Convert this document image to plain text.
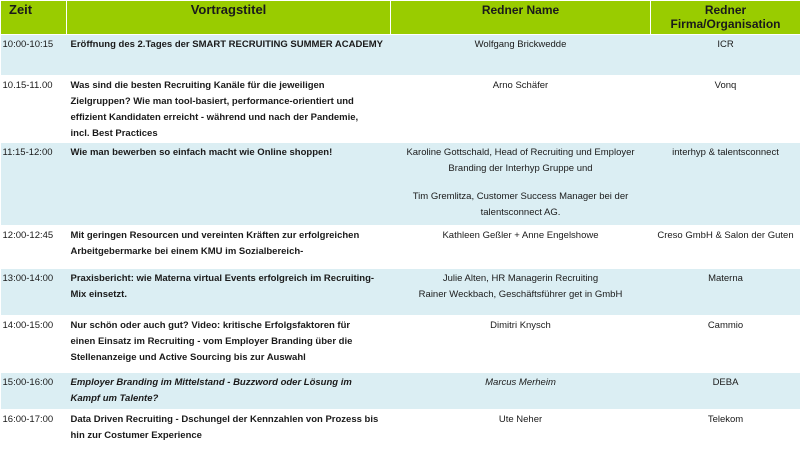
Zeit	Vortragstitel	Redner Name	Redner
Firma/Organisation

10:00-10:15	Eröffnung des 2.Tages der SMART RECRUITING SUMMER ACADEMY	Wolfgang Brickwedde	ICR
10.15-11.00	Was sind die besten Recruiting Kanäle für die jeweiligen
Zielgruppen? Wie man tool-basiert, performance-orientiert und
effizient Kandidaten erreicht - während und nach der Pandemie,
incl. Best Practices	Arno Schäfer	Vonq
11:15-12:00	Wie man bewerben so einfach macht wie Online shoppen!	Karoline Gottschald, Head of Recruiting und Employer
Branding der Interhyp Gruppe und
Tim Gremlitza, Customer Success Manager bei der
talentsconnect AG.	interhyp & talentsconnect
12:00-12:45	Mit geringen Resourcen und vereinten Kräften zur erfolgreichen
Arbeitgebermarke bei einem KMU im Sozialbereich-	Kathleen Geßler + Anne Engelshowe	Creso GmbH & Salon der Guten
13:00-14:00	Praxisbericht: wie Materna virtual Events erfolgreich im Recruiting-
Mix einsetzt.	Julie Alten, HR Managerin Recruiting
Rainer Weckbach, Geschäftsführer get in GmbH	Materna
14:00-15:00	Nur schön oder auch gut? Video: kritische Erfolgsfaktoren für
einen Einsatz im Recruiting - vom Employer Branding über die
Stellenanzeige und Active Sourcing bis zur Auswahl	Dimitri Knysch	Cammio
15:00-16:00	Employer Branding im Mittelstand - Buzzword oder Lösung im
Kampf um Talente?	Marcus Merheim	DEBA
16:00-17:00	Data Driven Recruiting - Dschungel der Kennzahlen von Prozess bis
hin zur Costumer Experience	Ute Neher	Telekom
